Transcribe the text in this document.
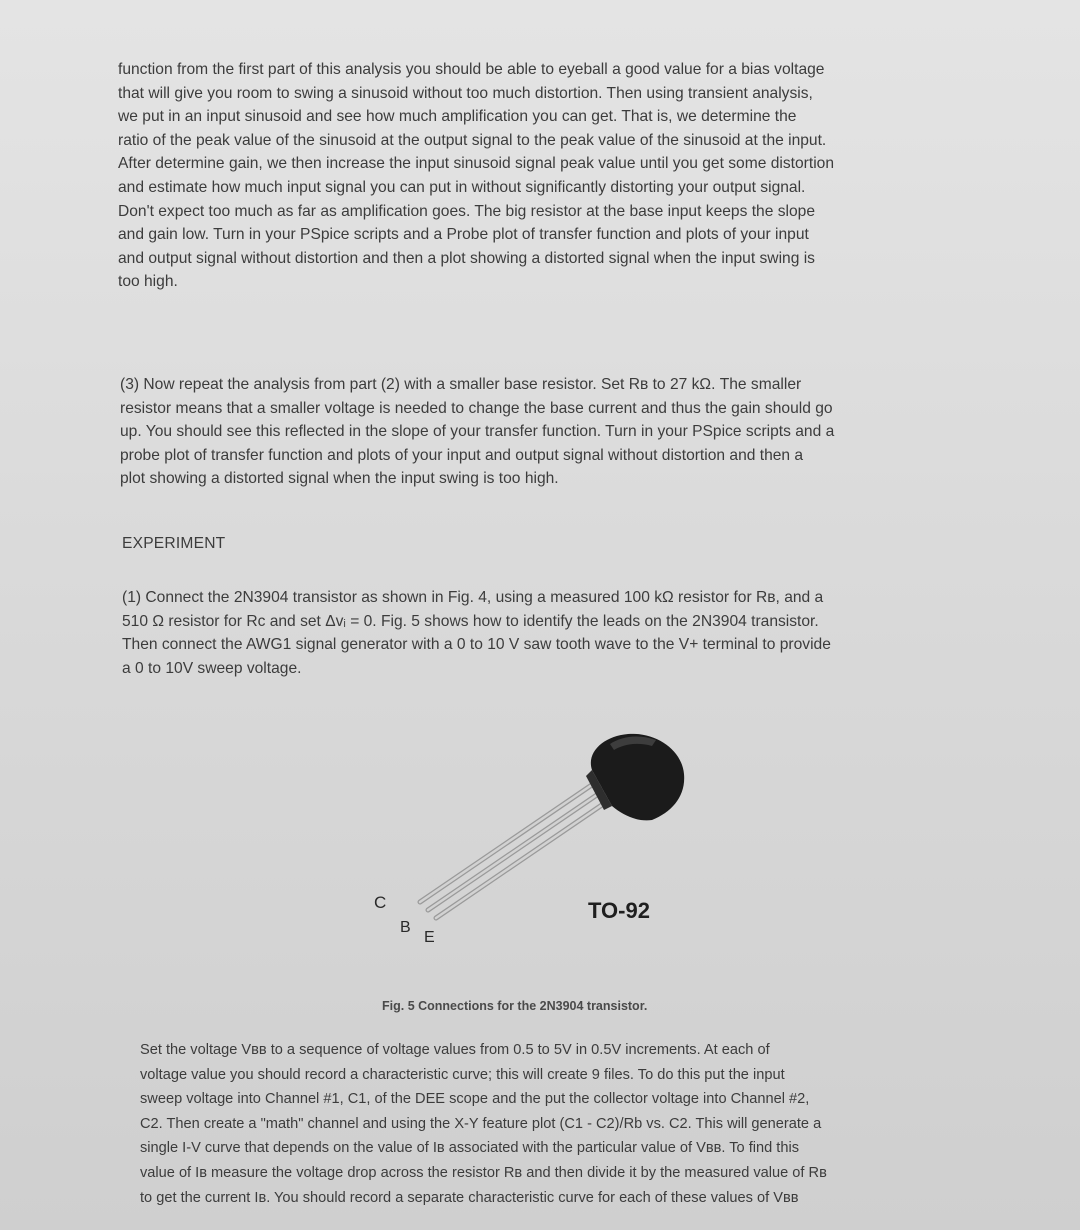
function from the first part of this analysis you should be able to eyeball a good value for a bias voltage
that will give you room to swing a sinusoid without too much distortion. Then using transient analysis,
we put in an input sinusoid and see how much amplification you can get. That is, we determine the
ratio of the peak value of the sinusoid at the output signal to the peak value of the sinusoid at the input.
After determine gain, we then increase the input sinusoid signal peak value until you get some distortion
and estimate how much input signal you can put in without significantly distorting your output signal.
Don't expect too much as far as amplification goes. The big resistor at the base input keeps the slope
and gain low. Turn in your PSpice scripts and a Probe plot of transfer function and plots of your input
and output signal without distortion and then a plot showing a distorted signal when the input swing is
too high.
(3) Now repeat the analysis from part (2) with a smaller base resistor. Set Rʙ to 27 kΩ. The smaller
resistor means that a smaller voltage is needed to change the base current and thus the gain should go
up. You should see this reflected in the slope of your transfer function. Turn in your PSpice scripts and a
probe plot of transfer function and plots of your input and output signal without distortion and then a
plot showing a distorted signal when the input swing is too high.
EXPERIMENT
(1) Connect the 2N3904 transistor as shown in Fig. 4, using a measured 100 kΩ resistor for Rʙ, and a
510 Ω resistor for Rᴄ and set Δvᵢ = 0. Fig. 5 shows how to identify the leads on the 2N3904 transistor.
Then connect the AWG1 signal generator with a 0 to 10 V saw tooth wave to the V+ terminal to provide
a 0 to 10V sweep voltage.
C
B
E
TO-92
Fig. 5 Connections for the 2N3904 transistor.
Set the voltage Vʙʙ to a sequence of voltage values from 0.5 to 5V in 0.5V increments. At each of
voltage value you should record a characteristic curve; this will create 9 files. To do this put the input
sweep voltage into Channel #1, C1, of the DEE scope and the put the collector voltage into Channel #2,
C2. Then create a "math" channel and using the X-Y feature plot (C1 - C2)/Rb vs. C2. This will generate a
single I-V curve that depends on the value of Iʙ associated with the particular value of Vʙʙ. To find this
value of Iʙ measure the voltage drop across the resistor Rʙ and then divide it by the measured value of Rʙ
to get the current Iʙ. You should record a separate characteristic curve for each of these values of Vʙʙ
